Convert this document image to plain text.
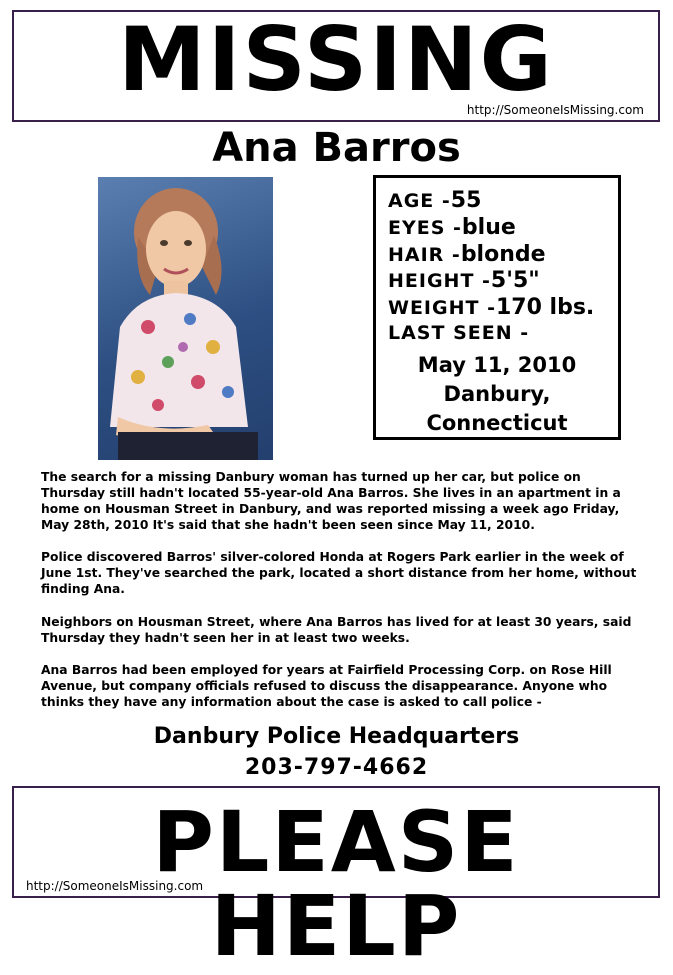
MISSING
http://SomeoneIsMissing.com
Ana Barros
AGE -55
EYES -blue
HAIR -blonde
HEIGHT -5'5"
WEIGHT -170 lbs.
LAST SEEN -
May 11, 2010
Danbury,
Connecticut

The search for a missing Danbury woman has turned up her car, but police on Thursday still hadn't located 55-year-old Ana Barros. She lives in an apartment in a home on Housman Street in Danbury, and was reported missing a week ago Friday, May 28th, 2010 It's said that she hadn't been seen since May 11, 2010.

Police discovered Barros' silver-colored Honda at Rogers Park earlier in the week of June 1st. They've searched the park, located a short distance from her home, without finding Ana.

Neighbors on Housman Street, where Ana Barros has lived for at least 30 years, said Thursday they hadn't seen her in at least two weeks.

Ana Barros had been employed for years at Fairfield Processing Corp. on Rose Hill Avenue, but company officials refused to discuss the disappearance. Anyone who thinks they have any information about the case is asked to call police -

Danbury Police Headquarters
203-797-4662
PLEASE HELP
http://SomeoneIsMissing.com
